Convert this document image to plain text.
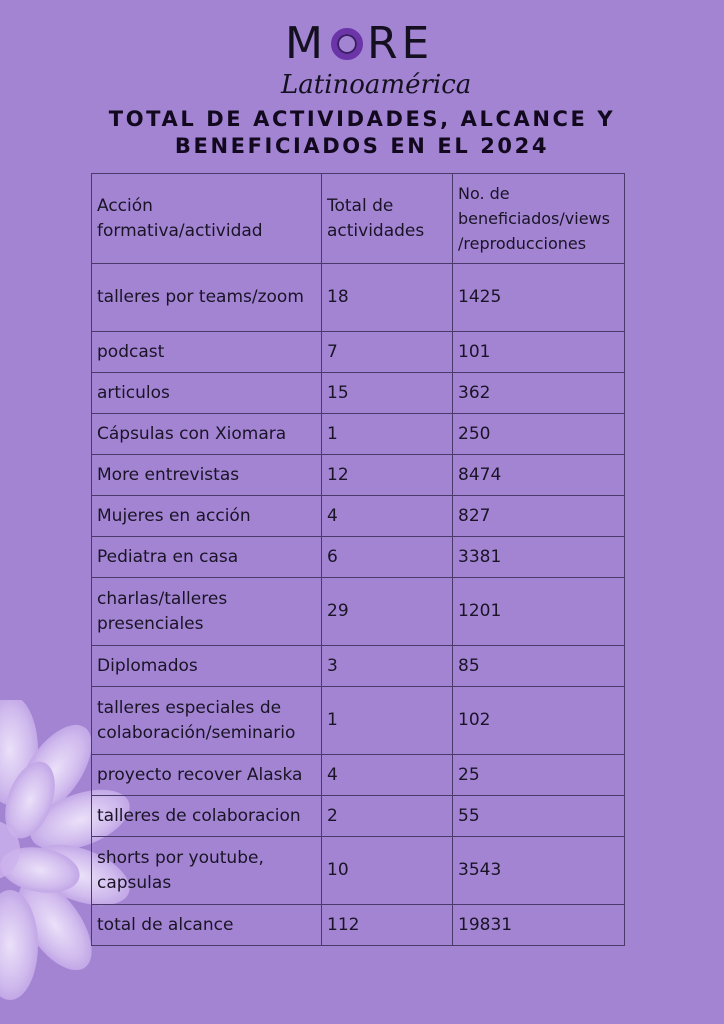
M RE
Latinoamérica
TOTAL DE ACTIVIDADES, ALCANCE Y
BENEFICIADOS EN EL 2024
Acción formativa/actividad	Total de actividades	No. de beneficiados/views /reproducciones
talleres por teams/zoom	18	1425
podcast	7	101
articulos	15	362
Cápsulas con Xiomara	1	250
More entrevistas	12	8474
Mujeres en acción	4	827
Pediatra en casa	6	3381
charlas/talleres presenciales	29	1201
Diplomados	3	85
talleres especiales de colaboración/seminario	1	102
proyecto recover Alaska	4	25
talleres de colaboracion	2	55
shorts por youtube, capsulas	10	3543
total de alcance	112	19831
